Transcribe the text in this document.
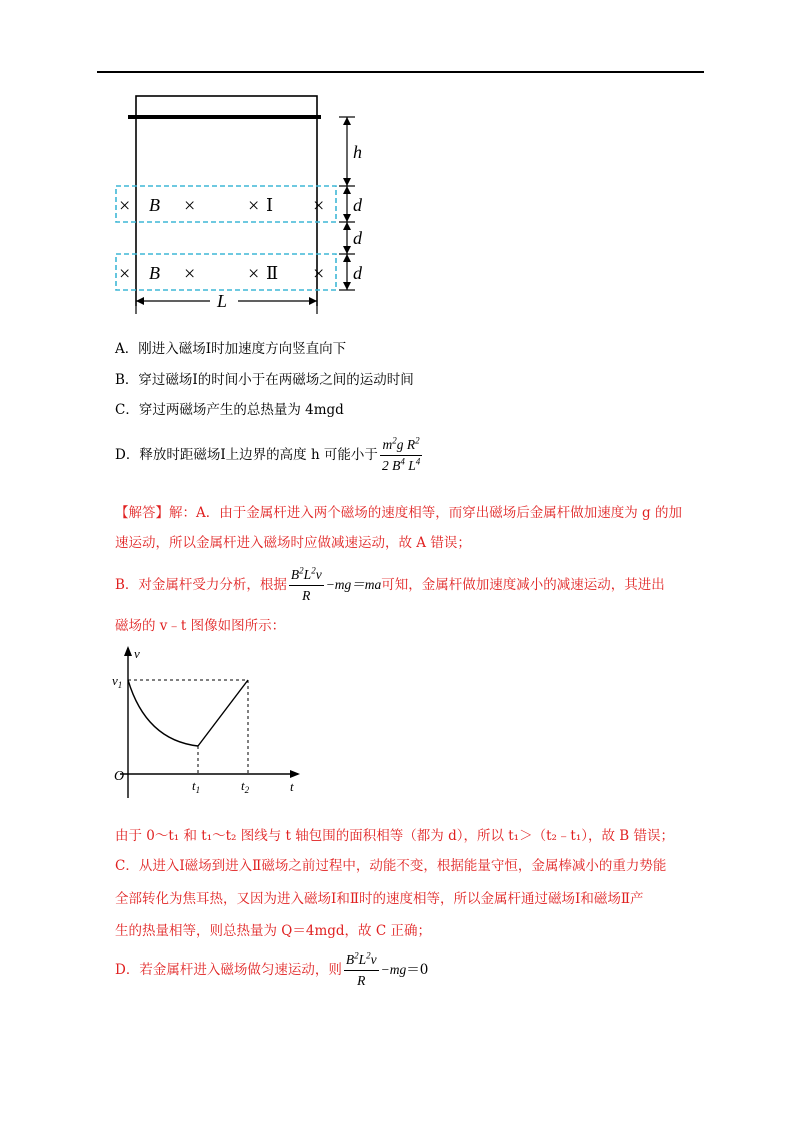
× B ×	× Ⅰ ×
× B ×	× Ⅱ ×
h
d
d
d
L
A．刚进入磁场Ⅰ时加速度方向竖直向下
B．穿过磁场Ⅰ的时间小于在两磁场之间的运动时间
C．穿过两磁场产生的总热量为 4mgd
D．释放时距磁场Ⅰ上边界的高度 h 可能小于 $\frac{m^2g R^2}{2 B^4 L^4}$
【解答】解：A．由于金属杆进入两个磁场的速度相等，而穿出磁场后金属杆做加速度为 g 的加
速运动，所以金属杆进入磁场时应做减速运动，故 A 错误；
B．对金属杆受力分析，根据 $\frac{B^2L^2v}{R} -mg=ma$可知，金属杆做加速度减小的减速运动，其进出
磁场的 v﹣t 图像如图所示：
v
$v_1$
O
$t_1$	$t_2$	t
由于 0～t₁ 和 t₁～t₂ 图线与 t 轴包围的面积相等（都为 d），所以 t₁＞（t₂﹣t₁），故 B 错误；
C．从进入Ⅰ磁场到进入Ⅱ磁场之前过程中，动能不变，根据能量守恒，金属棒减小的重力势能
全部转化为焦耳热，又因为进入磁场Ⅰ和Ⅱ时的速度相等，所以金属杆通过磁场Ⅰ和磁场Ⅱ产
生的热量相等，则总热量为 Q＝4mgd，故 C 正确；
D．若金属杆进入磁场做匀速运动，则 $\frac{B^2L^2v}{R} -mg=0$
